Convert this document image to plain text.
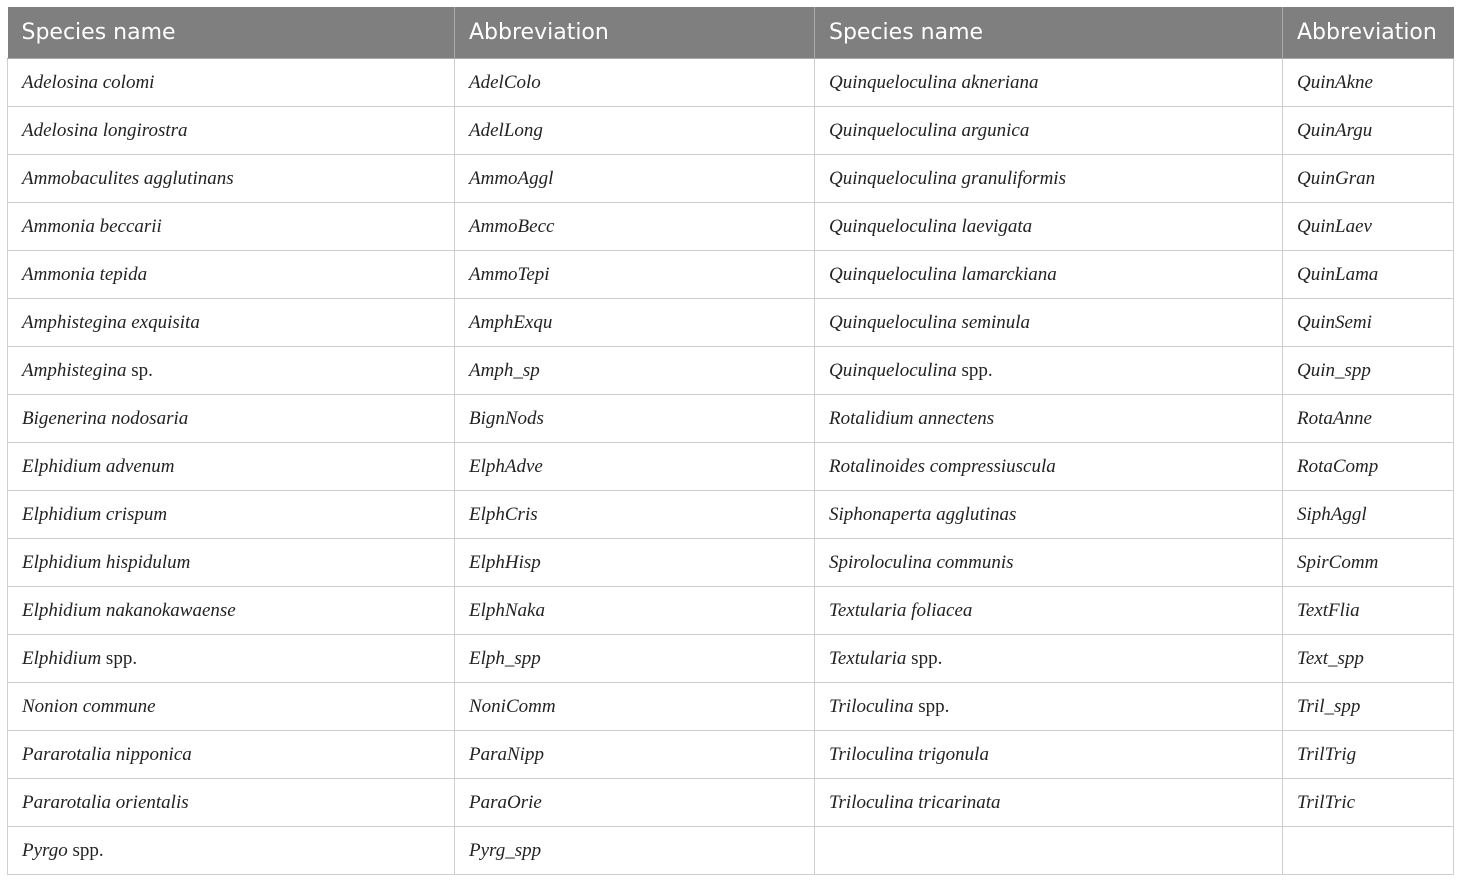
Species name	Abbreviation	Species name	Abbreviation
Adelosina colomi	AdelColo	Quinqueloculina akneriana	QuinAkne
Adelosina longirostra	AdelLong	Quinqueloculina argunica	QuinArgu
Ammobaculites agglutinans	AmmoAggl	Quinqueloculina granuliformis	QuinGran
Ammonia beccarii	AmmoBecc	Quinqueloculina laevigata	QuinLaev
Ammonia tepida	AmmoTepi	Quinqueloculina lamarckiana	QuinLama
Amphistegina exquisita	AmphExqu	Quinqueloculina seminula	QuinSemi
Amphistegina sp.	Amph_sp	Quinqueloculina spp.	Quin_spp
Bigenerina nodosaria	BignNods	Rotalidium annectens	RotaAnne
Elphidium advenum	ElphAdve	Rotalinoides compressiuscula	RotaComp
Elphidium crispum	ElphCris	Siphonaperta agglutinas	SiphAggl
Elphidium hispidulum	ElphHisp	Spiroloculina communis	SpirComm
Elphidium nakanokawaense	ElphNaka	Textularia foliacea	TextFlia
Elphidium spp.	Elph_spp	Textularia spp.	Text_spp
Nonion commune	NoniComm	Triloculina spp.	Tril_spp
Pararotalia nipponica	ParaNipp	Triloculina trigonula	TrilTrig
Pararotalia orientalis	ParaOrie	Triloculina tricarinata	TrilTric
Pyrgo spp.	Pyrg_spp		
